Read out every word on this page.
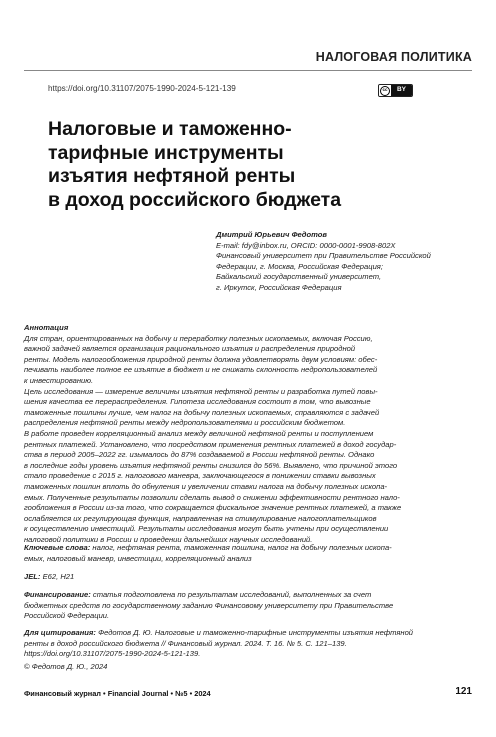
НАЛОГОВАЯ ПОЛИТИКА
https://doi.org/10.31107/2075-1990-2024-5-121-139	cc	BY
Налоговые и таможенно-
тарифные инструменты
изъятия нефтяной ренты
в доход российского бюджета
Дмитрий Юрьевич Федотов
E-mail: fdy@inbox.ru, ORCID: 0000-0001-9908-802X
Финансовый университет при Правительстве Российской
Федерации, г. Москва, Российская Федерация;
Байкальский государственный университет,
г. Иркутск, Российская Федерация
Аннотация
Для стран, ориентированных на добычу и переработку полезных ископаемых, включая Россию,
важной задачей является организация рационального изъятия и распределения природной
ренты. Модель налогообложения природной ренты должна удовлетворять двум условиям: обес-
печивать наиболее полное ее изъятие в бюджет и не снижать склонность недропользователей
к инвестированию.
Цель исследования — измерение величины изъятия нефтяной ренты и разработка путей повы-
шения качества ее перераспределения. Гипотеза исследования состоит в том, что вывозные
таможенные пошлины лучше, чем налог на добычу полезных ископаемых, справляются с задачей
распределения нефтяной ренты между недропользователями и российским бюджетом.
В работе проведен корреляционный анализ между величиной нефтяной ренты и поступлением
рентных платежей. Установлено, что посредством применения рентных платежей в доход государ-
ства в период 2005–2022 гг. изымалось до 87% создаваемой в России нефтяной ренты. Однако
в последние годы уровень изъятия нефтяной ренты снизился до 56%. Выявлено, что причиной этого
стало проведение с 2015 г. налогового маневра, заключающегося в понижении ставки вывозных
таможенных пошлин вплоть до обнуления и увеличении ставки налога на добычу полезных ископа-
емых. Полученные результаты позволили сделать вывод о снижении эффективности рентного нало-
гообложения в России из-за того, что сокращается фискальное значение рентных платежей, а также
ослабляется их регулирующая функция, направленная на стимулирование налогоплательщиков
к осуществлению инвестиций. Результаты исследования могут быть учтены при осуществлении
налоговой политики в России и проведении дальнейших научных исследований.
Ключевые слова: налог, нефтяная рента, таможенная пошлина, налог на добычу полезных ископа-
емых, налоговый маневр, инвестиции, корреляционный анализ
JEL: E62, H21
Финансирование: статья подготовлена по результатам исследований, выполненных за счет
бюджетных средств по государственному заданию Финансовому университету при Правительстве
Российской Федерации.
Для цитирования: Федотов Д. Ю. Налоговые и таможенно-тарифные инструменты изъятия нефтяной
ренты в доход российского бюджета // Финансовый журнал. 2024. Т. 16. № 5. С. 121–139.
https://doi.org/10.31107/2075-1990-2024-5-121-139.
© Федотов Д. Ю., 2024
Финансовый журнал • Financial Journal • №5 • 2024	121
